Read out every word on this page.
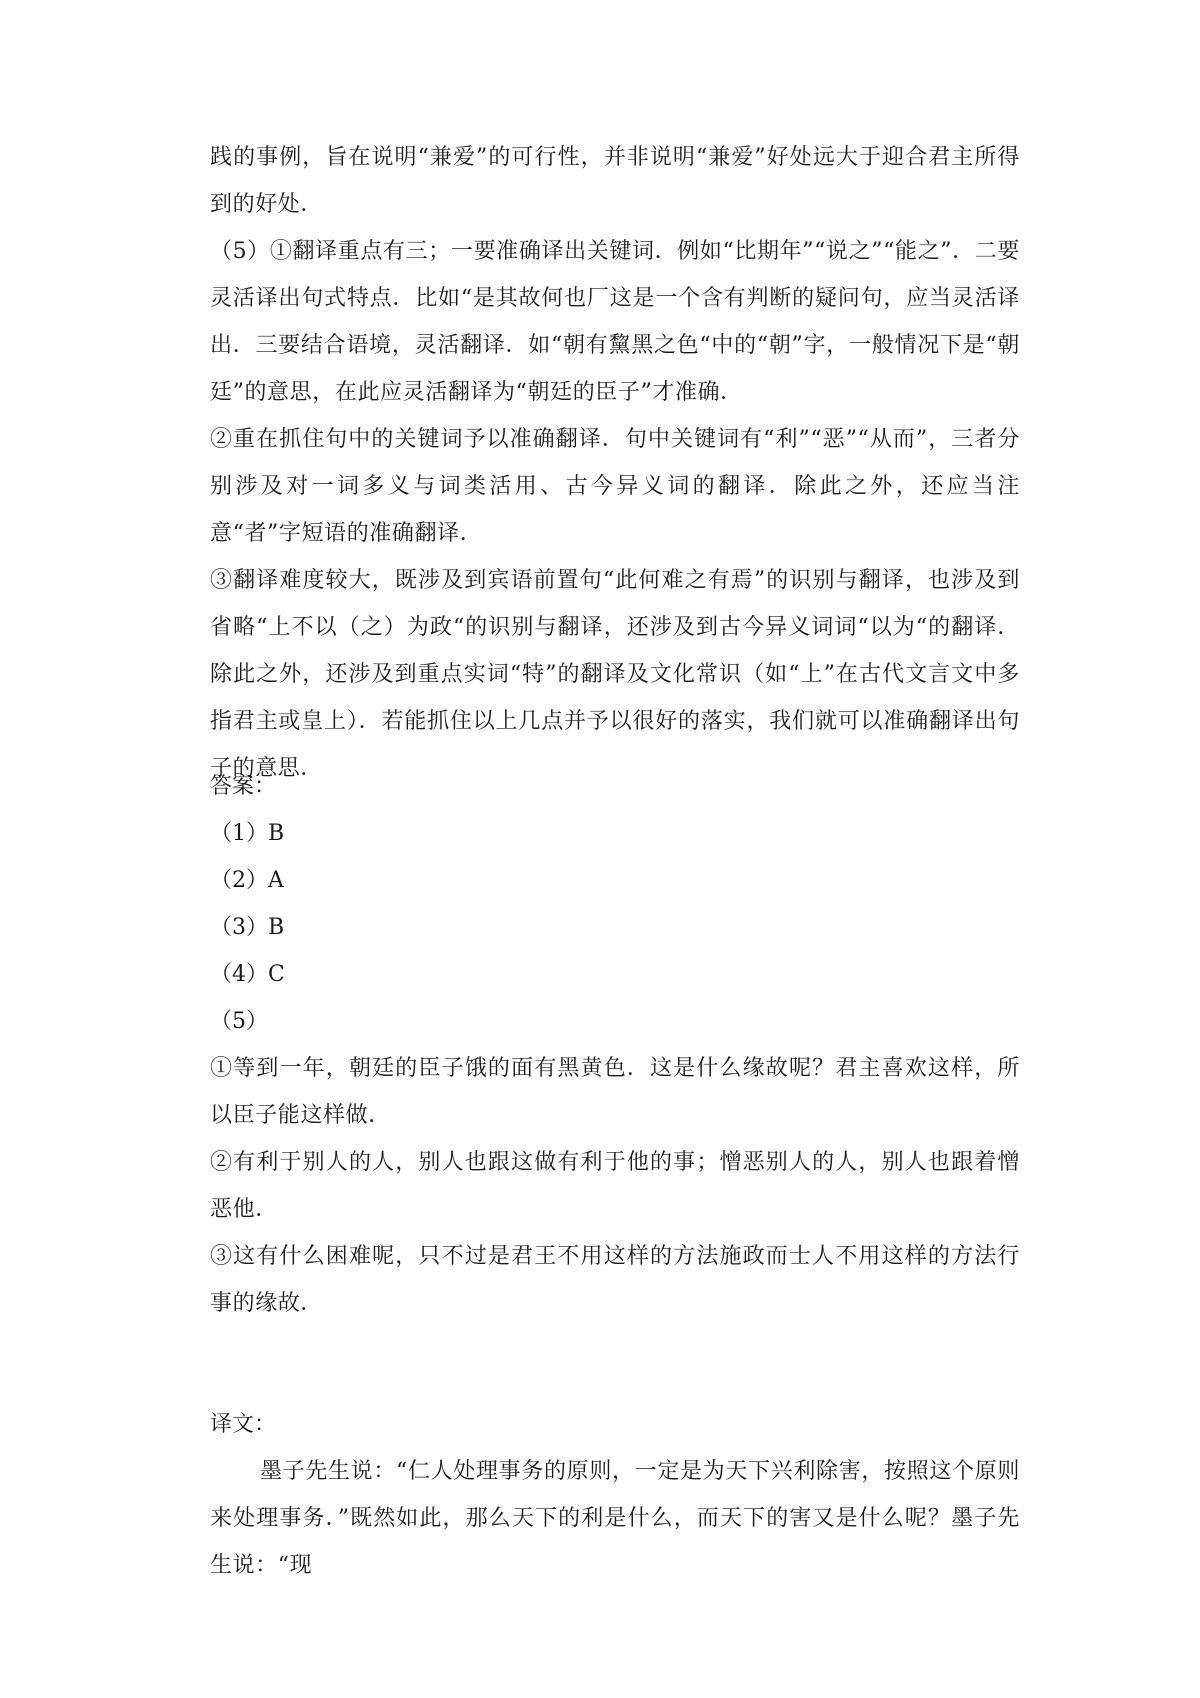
践的事例，旨在说明“兼爱”的可行性，并非说明“兼爱”好处远大于迎合君主所得到的好处．

（5）①翻译重点有三；一要准确译出关键词．例如“比期年”“说之”“能之”．二要灵活译出句式特点．比如“是其故何也厂这是一个含有判断的疑问句，应当灵活译出．三要结合语境，灵活翻译．如“朝有黧黑之色“中的“朝”字，一般情况下是“朝廷”的意思，在此应灵活翻译为“朝廷的臣子”才准确．

②重在抓住句中的关键词予以准确翻译．句中关键词有“利”“恶”“从而”，三者分别涉及对一词多义与词类活用、古今异义词的翻译．除此之外，还应当注意“者”字短语的准确翻译．

③翻译难度较大，既涉及到宾语前置句“此何难之有焉”的识别与翻译，也涉及到省略“上不以（之）为政“的识别与翻译，还涉及到古今异义词词“以为“的翻译．除此之外，还涉及到重点实词“特”的翻译及文化常识（如“上”在古代文言文中多指君主或皇上）．若能抓住以上几点并予以很好的落实，我们就可以准确翻译出句子的意思．

答案：
（1）B
（2）A
（3）B
（4）C
（5）

①等到一年，朝廷的臣子饿的面有黑黄色．这是什么缘故呢？君主喜欢这样，所以臣子能这样做．

②有利于别人的人，别人也跟这做有利于他的事；憎恶别人的人，别人也跟着憎恶他．

③这有什么困难呢，只不过是君王不用这样的方法施政而士人不用这样的方法行事的缘故．

译文：

墨子先生说：“仁人处理事务的原则，一定是为天下兴利除害，按照这个原则来处理事务．”既然如此，那么天下的利是什么，而天下的害又是什么呢？墨子先生说：“现
